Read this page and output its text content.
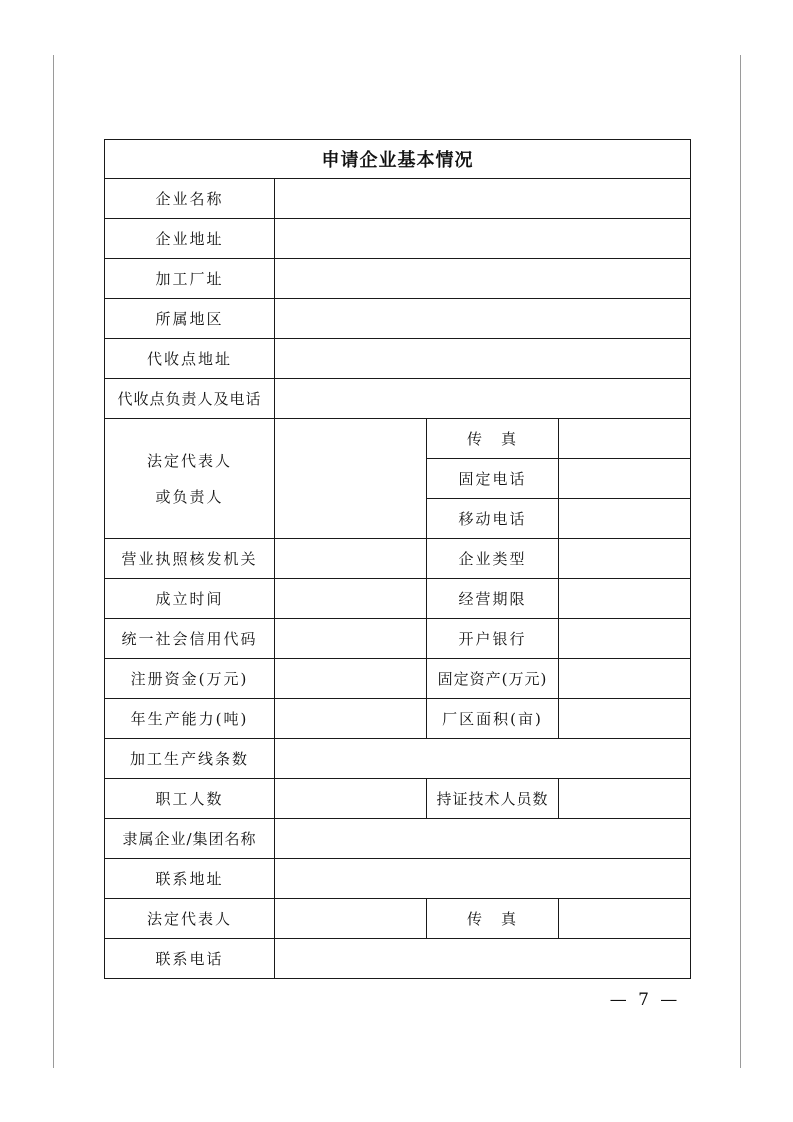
申请企业基本情况			
企业名称			
企业地址			
加工厂址			
所属地区			
代收点地址			
代收点负责人及电话			

法定代表人
或负责人		传　真	
		固定电话	
		移动电话	
营业执照核发机关		企业类型	
成立时间		经营期限	
统一社会信用代码		开户银行	
注册资金(万元)		固定资产(万元)	
年生产能力(吨)		厂区面积(亩)	
加工生产线条数			
职工人数		持证技术人员数	
隶属企业/集团名称			
联系地址			
法定代表人		传　真	
联系电话			
— 7 —
